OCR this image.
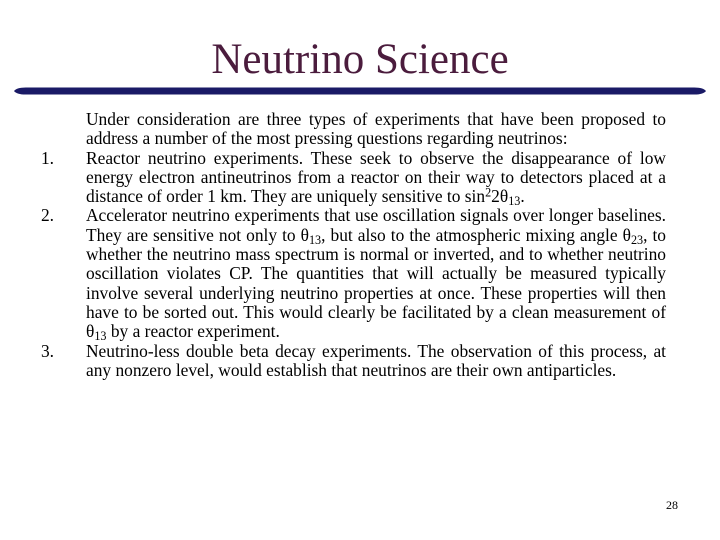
Neutrino Science

Under consideration are three types of experiments that have been proposed to address a number of the most pressing questions regarding neutrinos:

1. Reactor neutrino experiments. These seek to observe the disappearance of low energy electron antineutrinos from a reactor on their way to detectors placed at a distance of order 1 km. They are uniquely sensitive to $\sin^22\theta_{13}$.
2. Accelerator neutrino experiments that use oscillation signals over longer baselines. They are sensitive not only to $\theta_{13}$, but also to the atmospheric mixing angle $\theta_{23}$, to whether the neutrino mass spectrum is normal or inverted, and to whether neutrino oscillation violates CP. The quantities that will actually be measured typically involve several underlying neutrino properties at once. These properties will then have to be sorted out. This would clearly be facilitated by a clean measurement of $\theta_{13}$ by a reactor experiment.
3. Neutrino-less double beta decay experiments. The observation of this process, at any nonzero level, would establish that neutrinos are their own antiparticles.
28
